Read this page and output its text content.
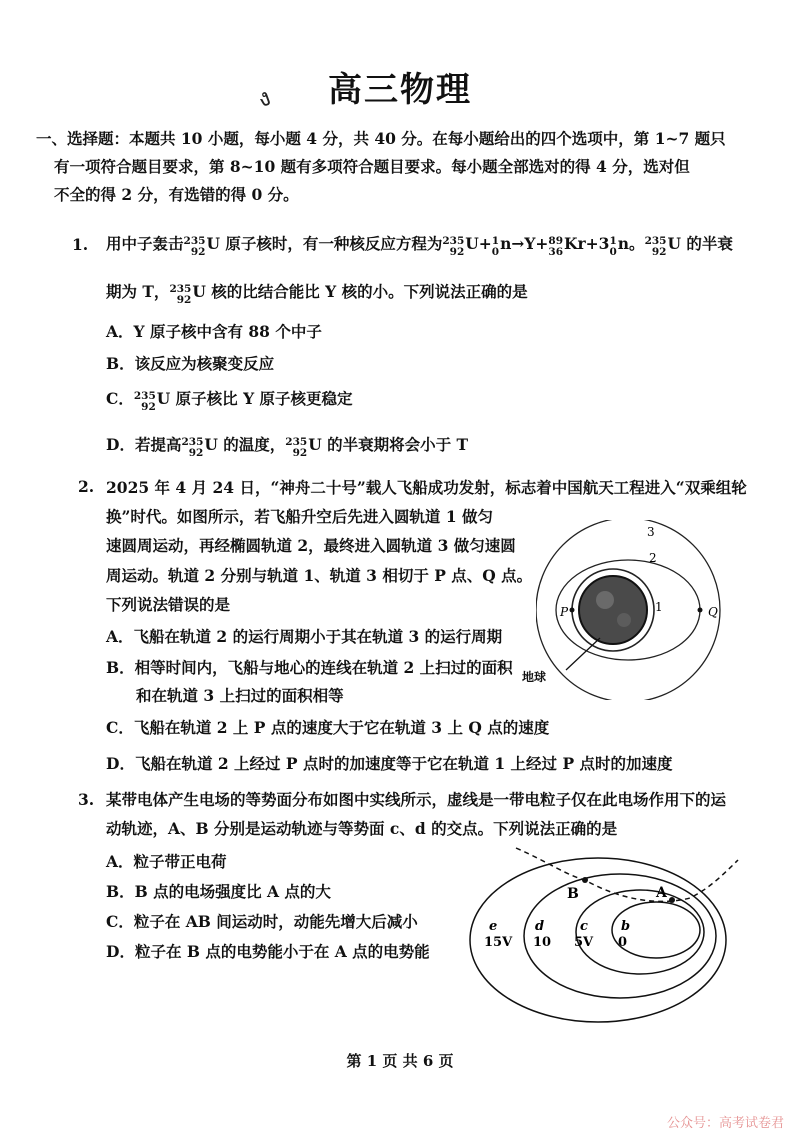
ง	高三物理
一、选择题：本题共 10 小题，每小题 4 分，共 40 分。在每小题给出的四个选项中，第 1~7 题只
有一项符合题目要求，第 8~10 题有多项符合题目要求。每小题全部选对的得 4 分，选对但
不全的得 2 分，有选错的得 0 分。
1. 用中子轰击 235
92 U 原子核时，有一种核反应方程为 235
92 U+ 1
0 n→Y+ 89
36 Kr+3 1
0 n。 235
92 U 的半衰
期为 T， 235
92 U 核的比结合能比 Y 核的小。下列说法正确的是
A．Y 原子核中含有 88 个中子
B．该反应为核聚变反应
C． 235
92 U 原子核比 Y 原子核更稳定
D．若提高 235
92 U 的温度， 235
92 U 的半衰期将会小于 T
2. 2025 年 4 月 24 日，“神舟二十号”载人飞船成功发射，标志着中国航天工程进入“双乘组轮
换”时代。如图所示，若飞船升空后先进入圆轨道 1 做匀
速圆周运动，再经椭圆轨道 2，最终进入圆轨道 3 做匀速圆
周运动。轨道 2 分别与轨道 1、轨道 3 相切于 P 点、Q 点。
下列说法错误的是
A．飞船在轨道 2 的运行周期小于其在轨道 3 的运行周期
B．相等时间内，飞船与地心的连线在轨道 2 上扫过的面积
和在轨道 3 上扫过的面积相等
C．飞船在轨道 2 上 P 点的速度大于它在轨道 3 上 Q 点的速度
D．飞船在轨道 2 上经过 P 点时的加速度等于它在轨道 1 上经过 P 点时的加速度
3
2
1
P	Q
地球
3. 某带电体产生电场的等势面分布如图中实线所示，虚线是一带电粒子仅在此电场作用下的运
动轨迹，A、B 分别是运动轨迹与等势面 c、d 的交点。下列说法正确的是
A．粒子带正电荷
B．B 点的电场强度比 A 点的大
C．粒子在 AB 间运动时，动能先增大后减小
D．粒子在 B 点的电势能小于在 A 点的电势能
B	A
e
15V
d
10
c
5V
b
0
第 1 页 共 6 页
公众号：高考试卷君
